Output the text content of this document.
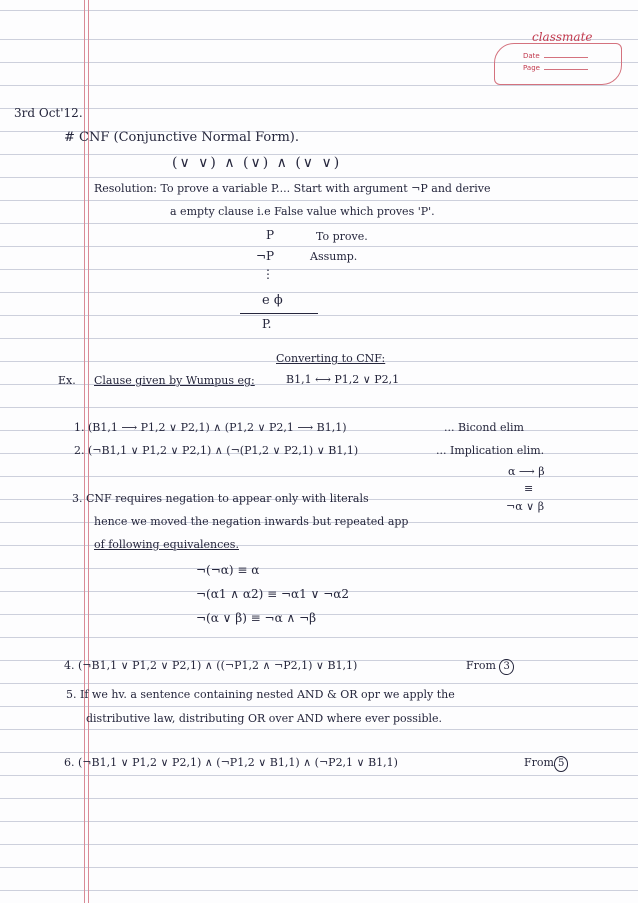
classmate
Date
Page
3rd Oct'12.
# CNF (Conjunctive Normal Form).
(∨ ∨) ∧ (∨) ∧ (∨ ∨)
Resolution: To prove a variable P.... Start with argument ¬P and derive
a empty clause i.e False value which proves 'P'.
P	To prove.
¬P	Assump.
⋮
e ϕ
P.
Converting to CNF:
Ex. Clause given by Wumpus eg:	B1,1 ⟷ P1,2 ∨ P2,1
1. (B1,1 ⟶ P1,2 ∨ P2,1) ∧ (P1,2 ∨ P2,1 ⟶ B1,1)	... Bicond elim
2. (¬B1,1 ∨ P1,2 ∨ P2,1) ∧ (¬(P1,2 ∨ P2,1) ∨ B1,1)	... Implication elim.
α ⟶ β
≡
¬α ∨ β
3. CNF requires negation to appear only with literals
hence we moved the negation inwards but repeated app
of following equivalences.
¬(¬α) ≡ α
¬(α1 ∧ α2) ≡ ¬α1 ∨ ¬α2
¬(α ∨ β) ≡ ¬α ∧ ¬β
4. (¬B1,1 ∨ P1,2 ∨ P2,1) ∧ ((¬P1,2 ∧ ¬P2,1) ∨ B1,1)	From 3
5. If we hv. a sentence containing nested AND & OR opr we apply the
distributive law, distributing OR over AND where ever possible.
6. (¬B1,1 ∨ P1,2 ∨ P2,1) ∧ (¬P1,2 ∨ B1,1) ∧ (¬P2,1 ∨ B1,1)	From 5
